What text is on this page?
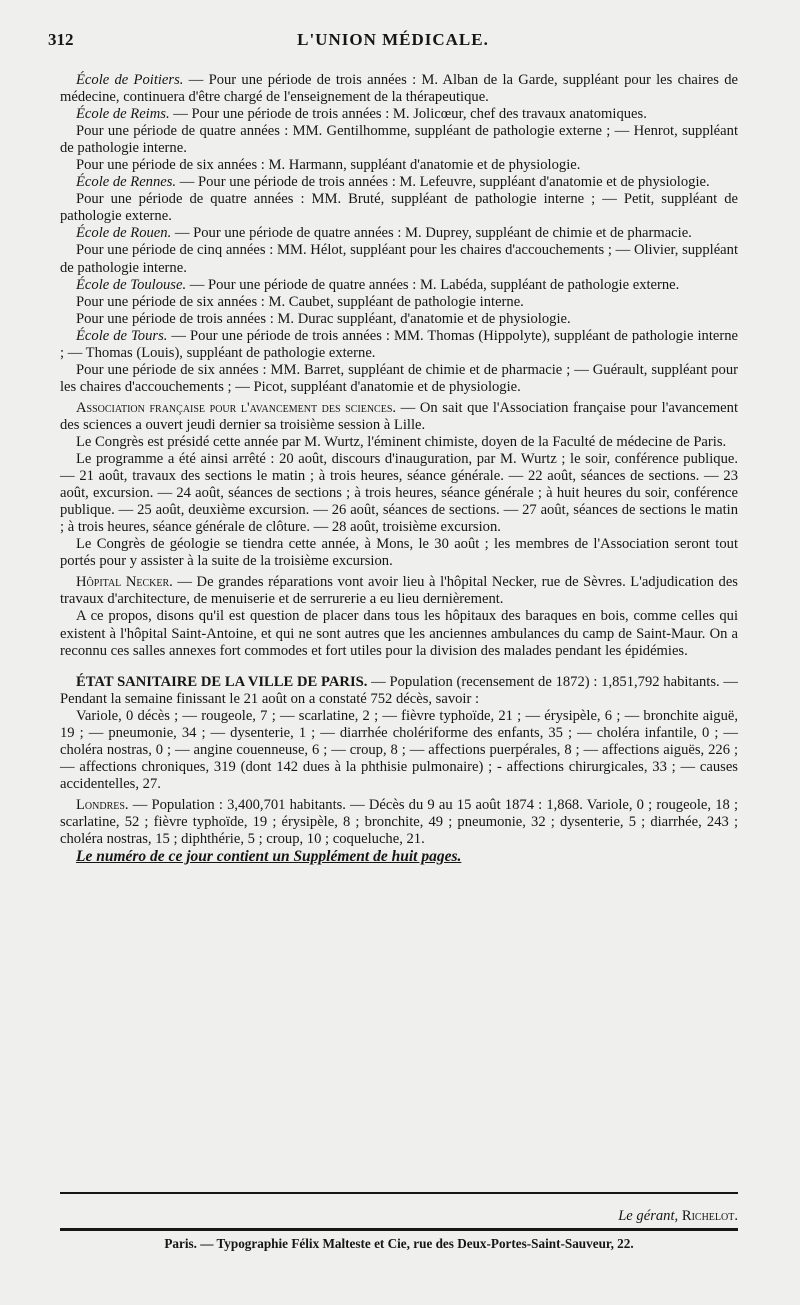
312	L'UNION MÉDICALE.

École de Poitiers. — Pour une période de trois années : M. Alban de la Garde, suppléant pour les chaires de médecine, continuera d'être chargé de l'enseignement de la thérapeutique.

École de Reims. — Pour une période de trois années : M. Jolicœur, chef des travaux anatomiques.

Pour une période de quatre années : MM. Gentilhomme, suppléant de pathologie externe ; — Henrot, suppléant de pathologie interne.

Pour une période de six années : M. Harmann, suppléant d'anatomie et de physiologie.

École de Rennes. — Pour une période de trois années : M. Lefeuvre, suppléant d'anatomie et de physiologie.

Pour une période de quatre années : MM. Bruté, suppléant de pathologie interne ; — Petit, suppléant de pathologie externe.

École de Rouen. — Pour une période de quatre années : M. Duprey, suppléant de chimie et de pharmacie.

Pour une période de cinq années : MM. Hélot, suppléant pour les chaires d'accouchements ; — Olivier, suppléant de pathologie interne.

École de Toulouse. — Pour une période de quatre années : M. Labéda, suppléant de pathologie externe.

Pour une période de six années : M. Caubet, suppléant de pathologie interne.

Pour une période de trois années : M. Durac suppléant, d'anatomie et de physiologie.

École de Tours. — Pour une période de trois années : MM. Thomas (Hippolyte), suppléant de pathologie interne ; — Thomas (Louis), suppléant de pathologie externe.

Pour une période de six années : MM. Barret, suppléant de chimie et de pharmacie ; — Guérault, suppléant pour les chaires d'accouchements ; — Picot, suppléant d'anatomie et de physiologie.

Association française pour l'avancement des sciences. — On sait que l'Association française pour l'avancement des sciences a ouvert jeudi dernier sa troisième session à Lille.

Le Congrès est présidé cette année par M. Wurtz, l'éminent chimiste, doyen de la Faculté de médecine de Paris.

Le programme a été ainsi arrêté : 20 août, discours d'inauguration, par M. Wurtz ; le soir, conférence publique. — 21 août, travaux des sections le matin ; à trois heures, séance générale. — 22 août, séances de sections. — 23 août, excursion. — 24 août, séances de sections ; à trois heures, séance générale ; à huit heures du soir, conférence publique. — 25 août, deuxième excursion. — 26 août, séances de sections. — 27 août, séances de sections le matin ; à trois heures, séance générale de clôture. — 28 août, troisième excursion.

Le Congrès de géologie se tiendra cette année, à Mons, le 30 août ; les membres de l'Association seront tout portés pour y assister à la suite de la troisième excursion.

Hôpital Necker. — De grandes réparations vont avoir lieu à l'hôpital Necker, rue de Sèvres. L'adjudication des travaux d'architecture, de menuiserie et de serrurerie a eu lieu dernièrement.

A ce propos, disons qu'il est question de placer dans tous les hôpitaux des baraques en bois, comme celles qui existent à l'hôpital Saint-Antoine, et qui ne sont autres que les anciennes ambulances du camp de Saint-Maur. On a reconnu ces salles annexes fort commodes et fort utiles pour la division des malades pendant les épidémies.

ÉTAT SANITAIRE DE LA VILLE DE PARIS. — Population (recensement de 1872) : 1,851,792 habitants. — Pendant la semaine finissant le 21 août on a constaté 752 décès, savoir :

Variole, 0 décès ; — rougeole, 7 ; — scarlatine, 2 ; — fièvre typhoïde, 21 ; — érysipèle, 6 ; — bronchite aiguë, 19 ; — pneumonie, 34 ; — dysenterie, 1 ; — diarrhée cholériforme des enfants, 35 ; — choléra infantile, 0 ; — choléra nostras, 0 ; — angine couenneuse, 6 ; — croup, 8 ; — affections puerpérales, 8 ; — affections aiguës, 226 ; — affections chroniques, 319 (dont 142 dues à la phthisie pulmonaire) ; - affections chirurgicales, 33 ; — causes accidentelles, 27.

Londres. — Population : 3,400,701 habitants. — Décès du 9 au 15 août 1874 : 1,868. Variole, 0 ; rougeole, 18 ; scarlatine, 52 ; fièvre typhoïde, 19 ; érysipèle, 8 ; bronchite, 49 ; pneumonie, 32 ; dysenterie, 5 ; diarrhée, 243 ; choléra nostras, 15 ; diphthérie, 5 ; croup, 10 ; coqueluche, 21.

Le numéro de ce jour contient un Supplément de huit pages.

Le gérant, Richelot.
Paris. — Typographie Félix Malteste et Cie, rue des Deux-Portes-Saint-Sauveur, 22.
